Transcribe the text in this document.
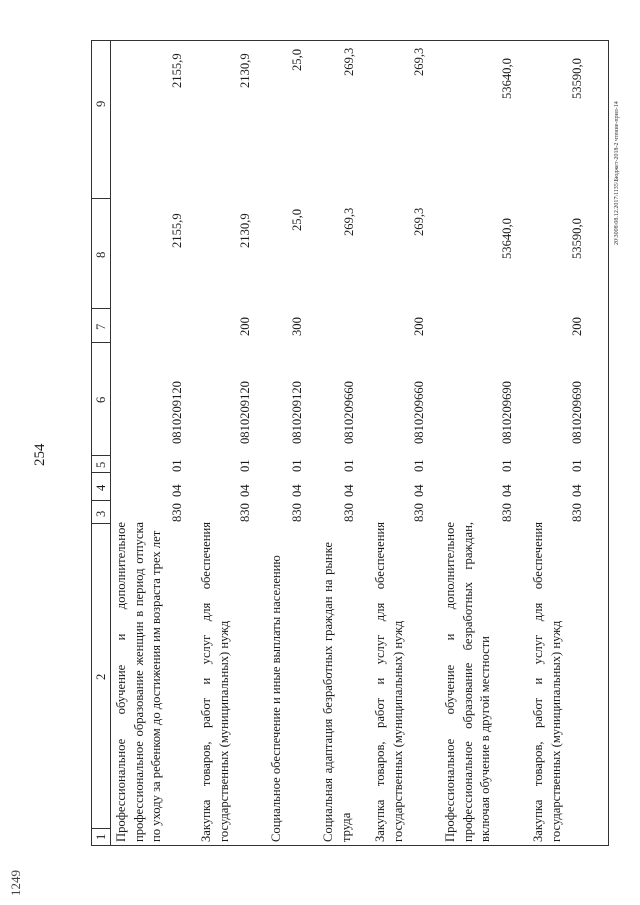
254
1
2
3
4
5
6
7
8
9
Профессиональное обучение и дополнительное профессиональное образование женщин в период отпуска по уходу за ребенком до достижения им возраста трех лет
830
04
01
0810209120
2155,9
2155,9
Закупка товаров, работ и услуг для обеспечения государственных (муниципальных) нужд
830
04
01
0810209120
200
2130,9
2130,9
Социальное обеспечение и иные выплаты населению
830
04
01
0810209120
300
25,0
25,0
Социальная адаптация безработных граждан на рынке труда
830
04
01
0810209660
269,3
269,3
Закупка товаров, работ и услуг для обеспечения государственных (муниципальных) нужд
830
04
01
0810209660
200
269,3
269,3
Профессиональное обучение и дополнительное профессиональное образование безработных граждан, включая обучение в другой местности
830
04
01
0810209690
53640,0
53640,0
Закупка товаров, работ и услуг для обеспечения государственных (муниципальных) нужд
830
04
01
0810209690
200
53590,0
53590,0
20\3008\08.12.2017\1135\Бюджет-2018-2 чтение-прил-14
1249
